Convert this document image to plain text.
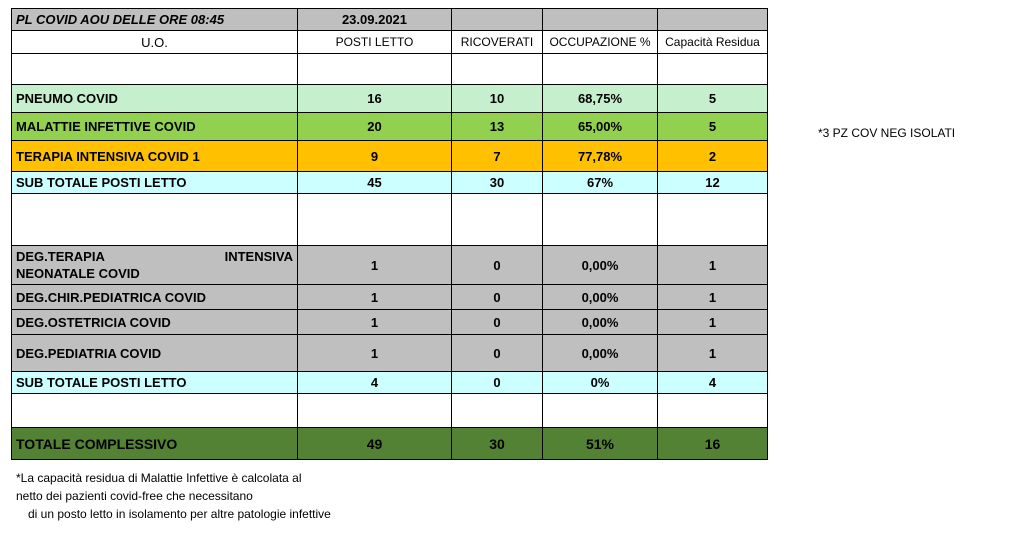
PL COVID AOU DELLE ORE 08:45	23.09.2021			
U.O.	POSTI LETTO	RICOVERATI	OCCUPAZIONE %	Capacità Residua

PNEUMO COVID	16	10	68,75%	5
MALATTIE INFETTIVE COVID	20	13	65,00%	5
TERAPIA INTENSIVA COVID 1	9	7	77,78%	2
SUB TOTALE POSTI LETTO	45	30	67%	12

DEG.TERAPIA INTENSIVA
NEONATALE COVID	1	0	0,00%	1
DEG.CHIR.PEDIATRICA COVID	1	0	0,00%	1
DEG.OSTETRICIA COVID	1	0	0,00%	1
DEG.PEDIATRIA COVID	1	0	0,00%	1
SUB TOTALE POSTI LETTO	4	0	0%	4

TOTALE COMPLESSIVO	49	30	51%	16
*3 PZ COV NEG ISOLATI
*La capacità residua di Malattie Infettive è calcolata al netto dei pazienti covid-free che necessitano
di un posto letto in isolamento per altre patologie infettive
